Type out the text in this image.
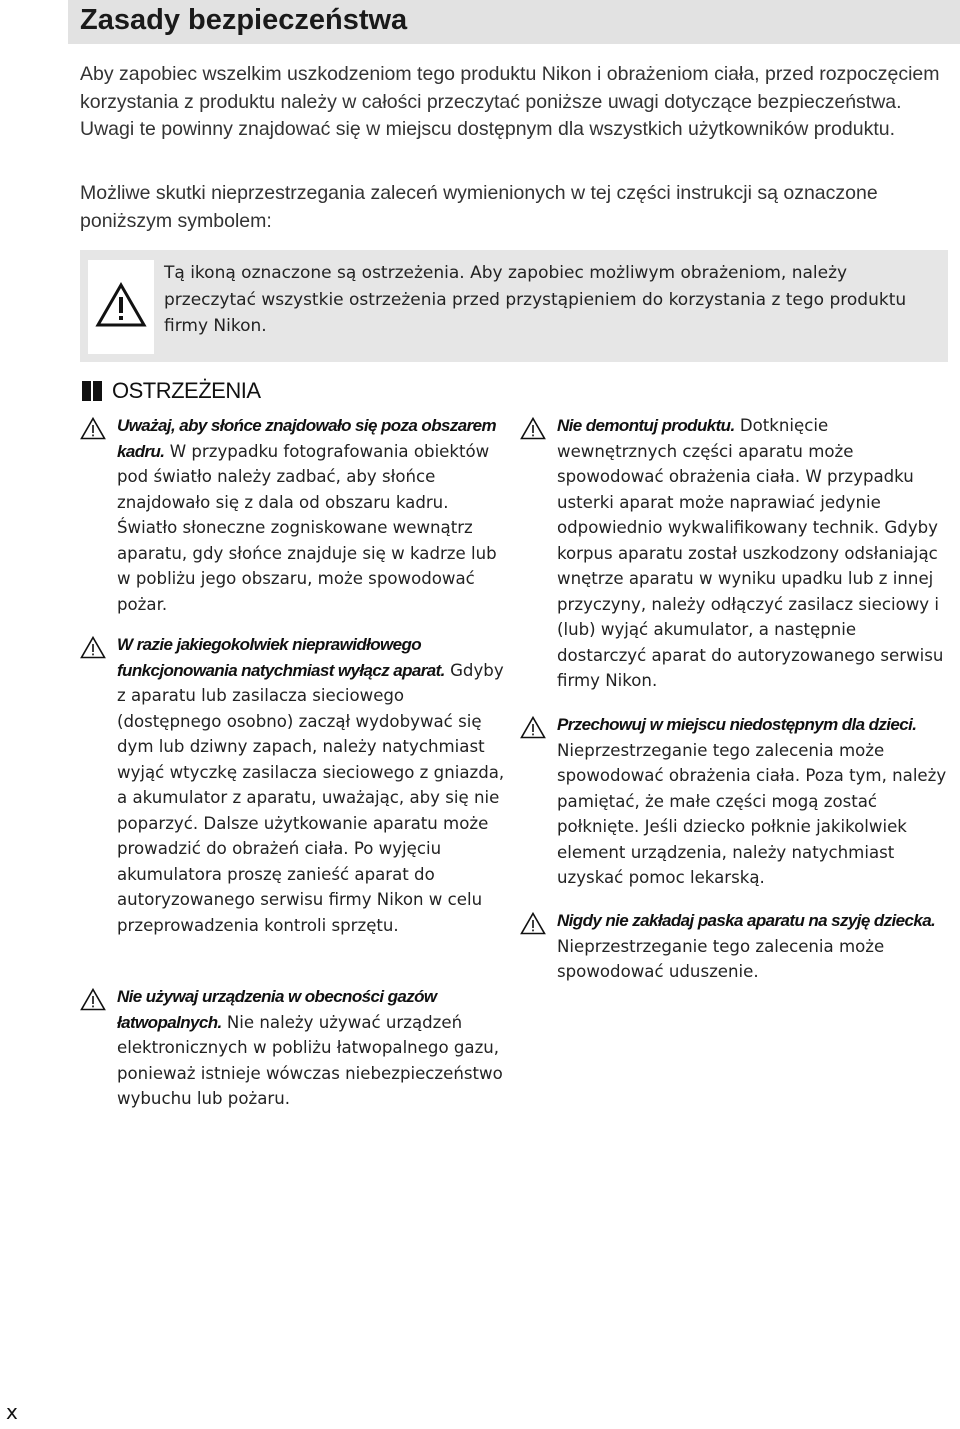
Zasady bezpieczeństwa
Aby zapobiec wszelkim uszkodzeniom tego produktu Nikon i obrażeniom ciała, przed rozpoczęciem korzystania z produktu należy w całości przeczytać poniższe uwagi dotyczące bezpieczeństwa. Uwagi te powinny znajdować się w miejscu dostępnym dla wszystkich użytkowników produktu.
Możliwe skutki nieprzestrzegania zaleceń wymienionych w tej części instrukcji są oznaczone poniższym symbolem:
Tą ikoną oznaczone są ostrzeżenia. Aby zapobiec możliwym obrażeniom, należy przeczytać wszystkie ostrzeżenia przed przystąpieniem do korzystania z tego produktu firmy Nikon.
OSTRZEŻENIA
Uważaj, aby słońce znajdowało się poza obszarem kadru. W przypadku fotografowania obiektów pod światło należy zadbać, aby słońce znajdowało się z dala od obszaru kadru. Światło słoneczne zogniskowane wewnątrz aparatu, gdy słońce znajduje się w kadrze lub w pobliżu jego obszaru, może spowodować pożar.
W razie jakiegokolwiek nieprawidłowego funkcjonowania natychmiast wyłącz aparat. Gdyby z aparatu lub zasilacza sieciowego (dostępnego osobno) zaczął wydobywać się dym lub dziwny zapach, należy natychmiast wyjąć wtyczkę zasilacza sieciowego z gniazda, a akumulator z aparatu, uważając, aby się nie poparzyć. Dalsze użytkowanie aparatu może prowadzić do obrażeń ciała. Po wyjęciu akumulatora proszę zanieść aparat do autoryzowanego serwisu firmy Nikon w celu przeprowadzenia kontroli sprzętu.
Nie używaj urządzenia w obecności gazów łatwopalnych. Nie należy używać urządzeń elektronicznych w pobliżu łatwopalnego gazu, ponieważ istnieje wówczas niebezpieczeństwo wybuchu lub pożaru.
Nie demontuj produktu. Dotknięcie wewnętrznych części aparatu może spowodować obrażenia ciała. W przypadku usterki aparat może naprawiać jedynie odpowiednio wykwalifikowany technik. Gdyby korpus aparatu został uszkodzony odsłaniając wnętrze aparatu w wyniku upadku lub z innej przyczyny, należy odłączyć zasilacz sieciowy i (lub) wyjąć akumulator, a następnie dostarczyć aparat do autoryzowanego serwisu firmy Nikon.
Przechowuj w miejscu niedostępnym dla dzieci. Nieprzestrzeganie tego zalecenia może spowodować obrażenia ciała. Poza tym, należy pamiętać, że małe części mogą zostać połknięte. Jeśli dziecko połknie jakikolwiek element urządzenia, należy natychmiast uzyskać pomoc lekarską.
Nigdy nie zakładaj paska aparatu na szyję dziecka. Nieprzestrzeganie tego zalecenia może spowodować uduszenie.
x
